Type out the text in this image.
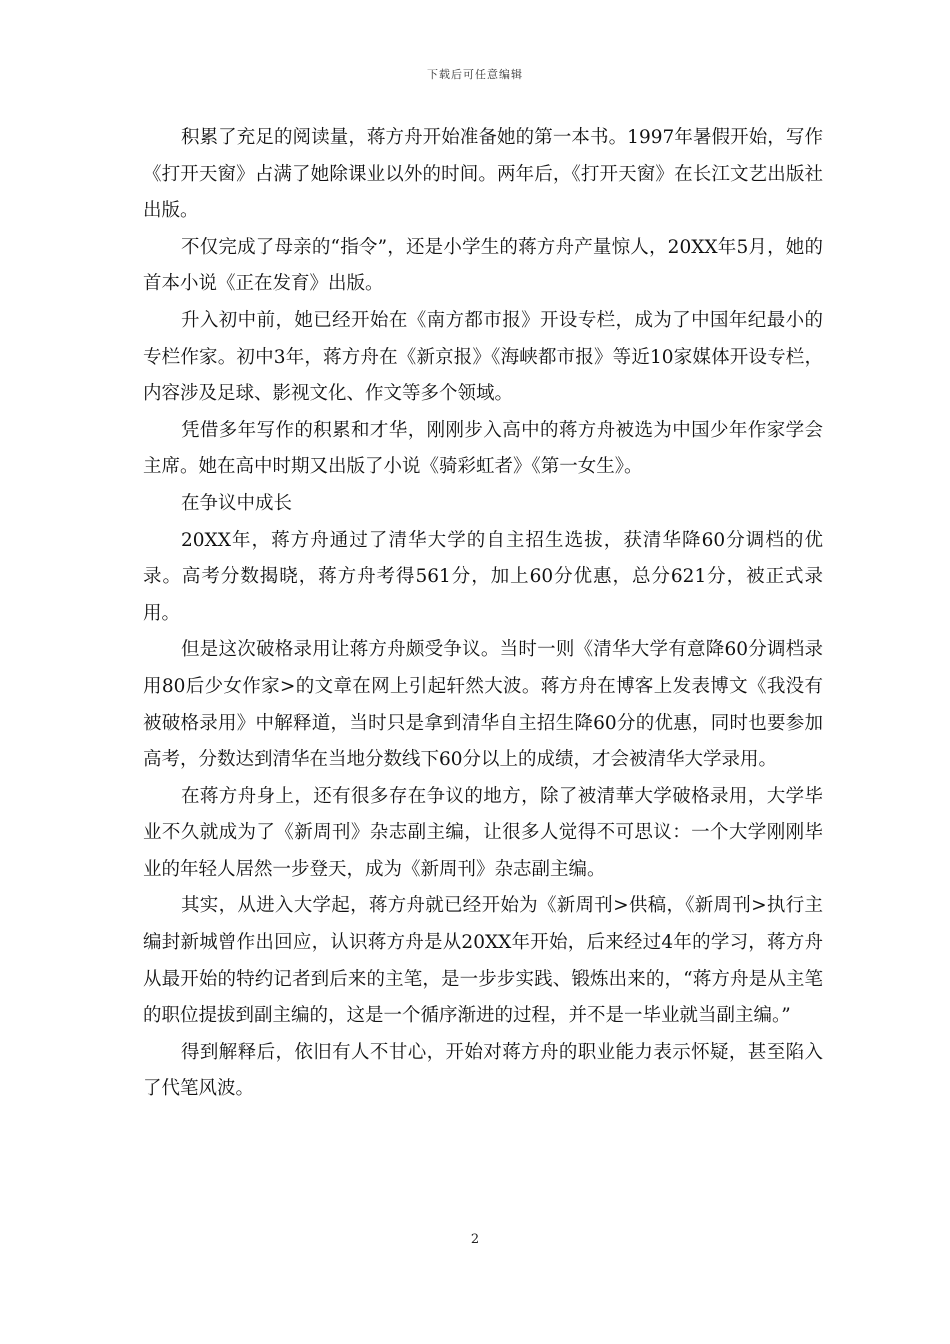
下载后可任意编辑

积累了充足的阅读量，蒋方舟开始准备她的第一本书。1997年暑假开始，写作《打开天窗》占满了她除课业以外的时间。两年后，《打开天窗》在长江文艺出版社出版。

不仅完成了母亲的“指令”，还是小学生的蒋方舟产量惊人，20XX年5月，她的首本小说《正在发育》出版。

升入初中前，她已经开始在《南方都市报》开设专栏，成为了中国年纪最小的专栏作家。初中3年，蒋方舟在《新京报》《海峡都市报》等近10家媒体开设专栏，内容涉及足球、影视文化、作文等多个领域。

凭借多年写作的积累和才华，刚刚步入高中的蒋方舟被选为中国少年作家学会主席。她在高中时期又出版了小说《骑彩虹者》《第一女生》。

在争议中成长

20XX年，蒋方舟通过了清华大学的自主招生选拔，获清华降60分调档的优录。高考分数揭晓，蒋方舟考得561分，加上60分优惠，总分621分，被正式录用。

但是这次破格录用让蒋方舟颇受争议。当时一则《清华大学有意降60分调档录用80后少女作家>的文章在网上引起轩然大波。蒋方舟在博客上发表博文《我没有被破格录用》中解释道，当时只是拿到清华自主招生降60分的优惠，同时也要参加高考，分数达到清华在当地分数线下60分以上的成绩，才会被清华大学录用。

在蒋方舟身上，还有很多存在争议的地方，除了被清華大学破格录用，大学毕业不久就成为了《新周刊》杂志副主编，让很多人觉得不可思议：一个大学刚刚毕业的年轻人居然一步登天，成为《新周刊》杂志副主编。

其实，从进入大学起，蒋方舟就已经开始为《新周刊>供稿，《新周刊>执行主编封新城曾作出回应，认识蒋方舟是从20XX年开始，后来经过4年的学习，蒋方舟从最开始的特约记者到后来的主笔，是一步步实践、锻炼出来的，“蒋方舟是从主笔的职位提拔到副主编的，这是一个循序渐进的过程，并不是一毕业就当副主编。”

得到解释后，依旧有人不甘心，开始对蒋方舟的职业能力表示怀疑，甚至陷入了代笔风波。

2
